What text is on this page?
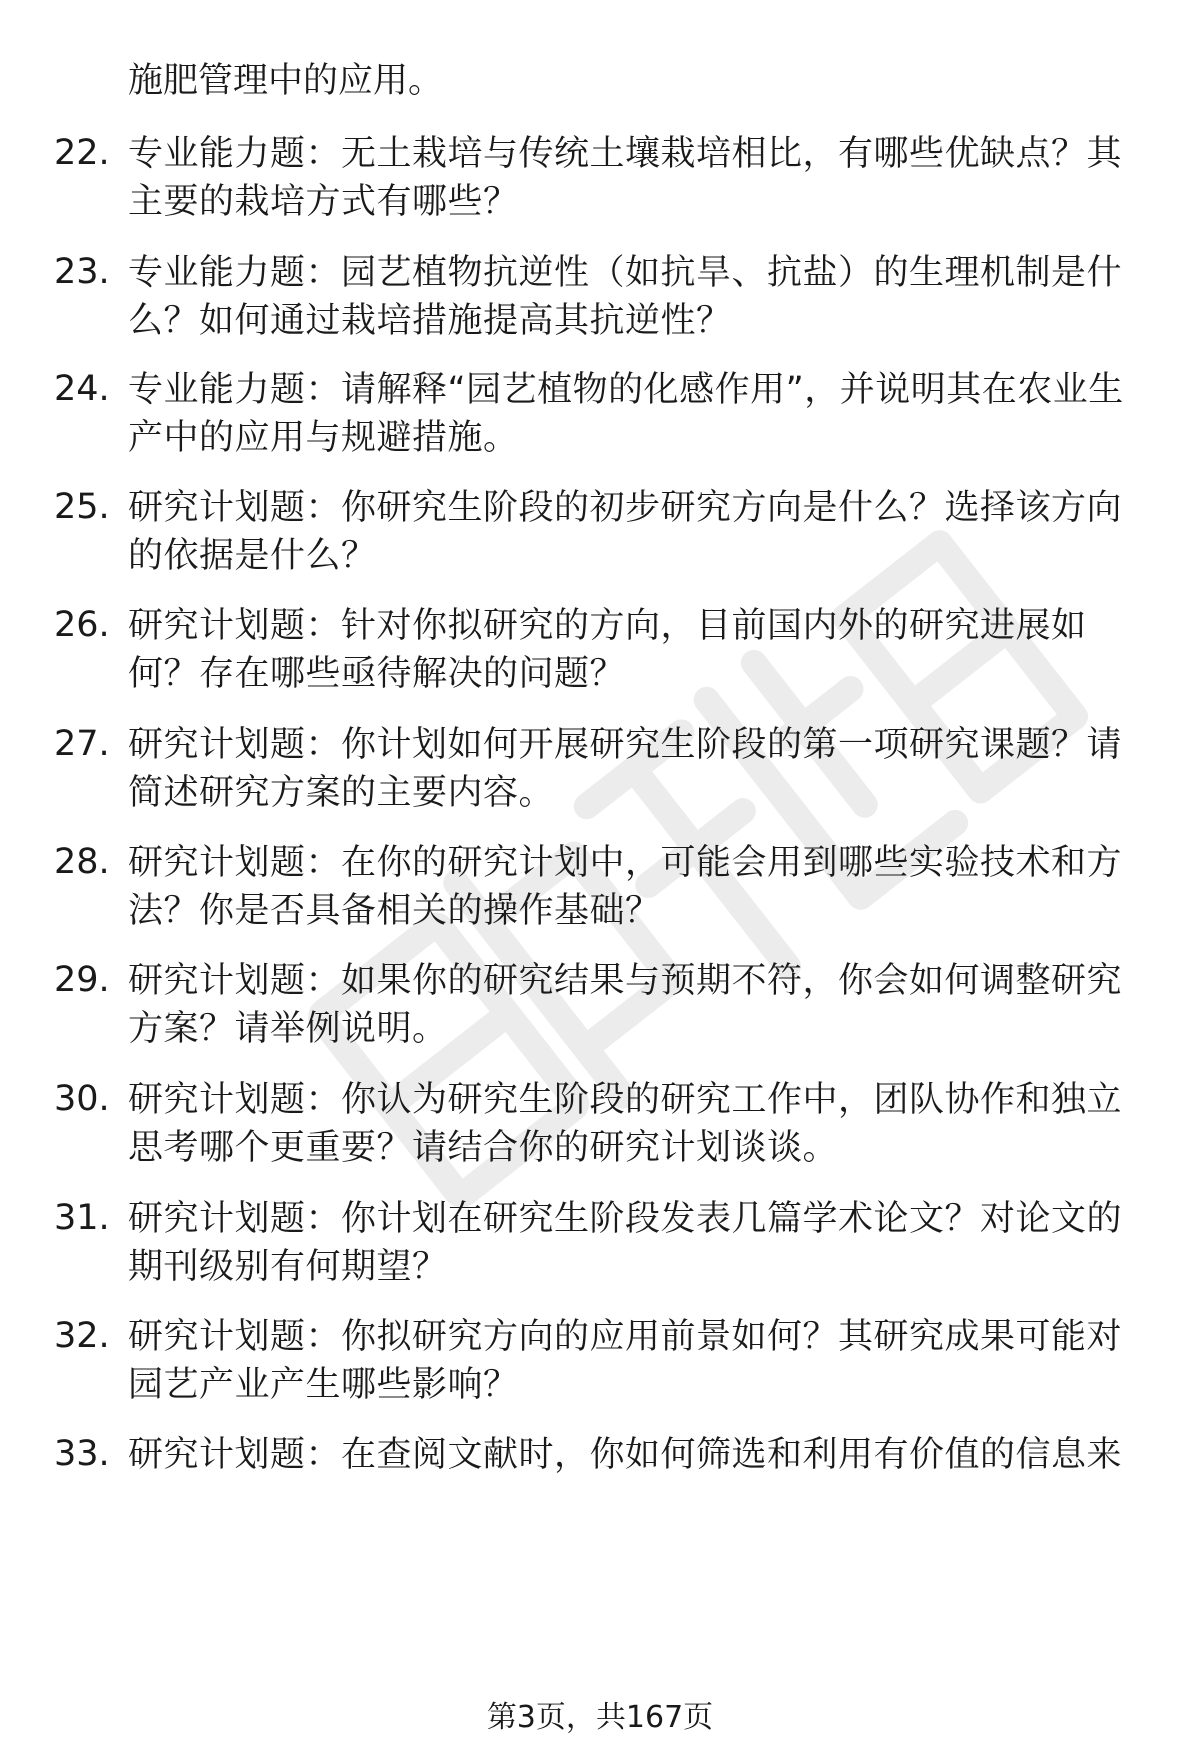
施肥管理中的应用。

22. 专业能力题：无土栽培与传统土壤栽培相比，有哪些优缺点？其主要的栽培方式有哪些？
23. 专业能力题：园艺植物抗逆性（如抗旱、抗盐）的生理机制是什么？如何通过栽培措施提高其抗逆性？
24. 专业能力题：请解释“园艺植物的化感作用”，并说明其在农业生产中的应用与规避措施。
25. 研究计划题：你研究生阶段的初步研究方向是什么？选择该方向的依据是什么？
26. 研究计划题：针对你拟研究的方向，目前国内外的研究进展如何？存在哪些亟待解决的问题？
27. 研究计划题：你计划如何开展研究生阶段的第一项研究课题？请简述研究方案的主要内容。
28. 研究计划题：在你的研究计划中，可能会用到哪些实验技术和方法？你是否具备相关的操作基础？
29. 研究计划题：如果你的研究结果与预期不符，你会如何调整研究方案？请举例说明。
30. 研究计划题：你认为研究生阶段的研究工作中，团队协作和独立思考哪个更重要？请结合你的研究计划谈谈。
31. 研究计划题：你计划在研究生阶段发表几篇学术论文？对论文的期刊级别有何期望？
32. 研究计划题：你拟研究方向的应用前景如何？其研究成果可能对园艺产业产生哪些影响？
33. 研究计划题：在查阅文献时，你如何筛选和利用有价值的信息来
第3页，共167页
